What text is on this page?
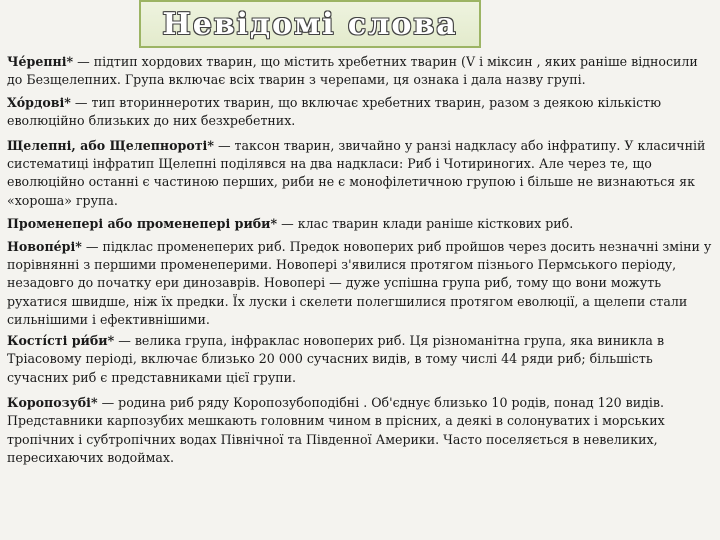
Невідомі слова

Че́репні* — підтип хордових тварин, що містить хребетних тварин (V і міксин , яких раніше відносили до Безщелепних. Група включає всіх тварин з черепами, ця ознака і дала назву групі.

Хо́рдові* — тип вториннеротих тварин, що включає хребетних тварин, разом з деякою кількістю еволюційно близьких до них безхребетних.

Щелепні, або Щелепнороті* — таксон тварин, звичайно у ранзі надкласу або інфратипу. У класичній систематиці інфратип Щелепні поділявся на два надкласи: Риб і Чотириногих. Але через те, що еволюційно останні є частиною перших, риби не є монофілетичною групою і більше не визнаються як «хороша» група.

Променепері або променепері риби* — клас тварин клади раніше кісткових риб.

Новопе́рі* — підклас променеперих риб. Предок новоперих риб пройшов через досить незначні зміни у порівнянні з першими променеперими. Новопері з'явилися протягом пізнього Пермського періоду, незадовго до початку ери динозаврів. Новопері — дуже успішна група риб, тому що вони можуть рухатися швидше, ніж їх предки. Їх луски і скелети полегшилися протягом еволюції, а щелепи стали сильнішими і ефективнішими.

Кості́сті ри́би* — велика група, інфраклас новоперих риб. Ця різноманітна група, яка виникла в Тріасовому періоді, включає близько 20 000 сучасних видів, в тому числі 44 ряди риб; більшість сучасних риб є представниками цієї групи.

Коропозубі* — родина риб ряду Коропозубоподібні . Об'єднує близько 10 родів, понад 120 видів. Представники карпозубих мешкають головним чином в прісних, а деякі в солонуватих і морських тропічних і субтропічних водах Північної та Південної Америки. Часто поселяється в невеликих, пересихаючих водоймах.
